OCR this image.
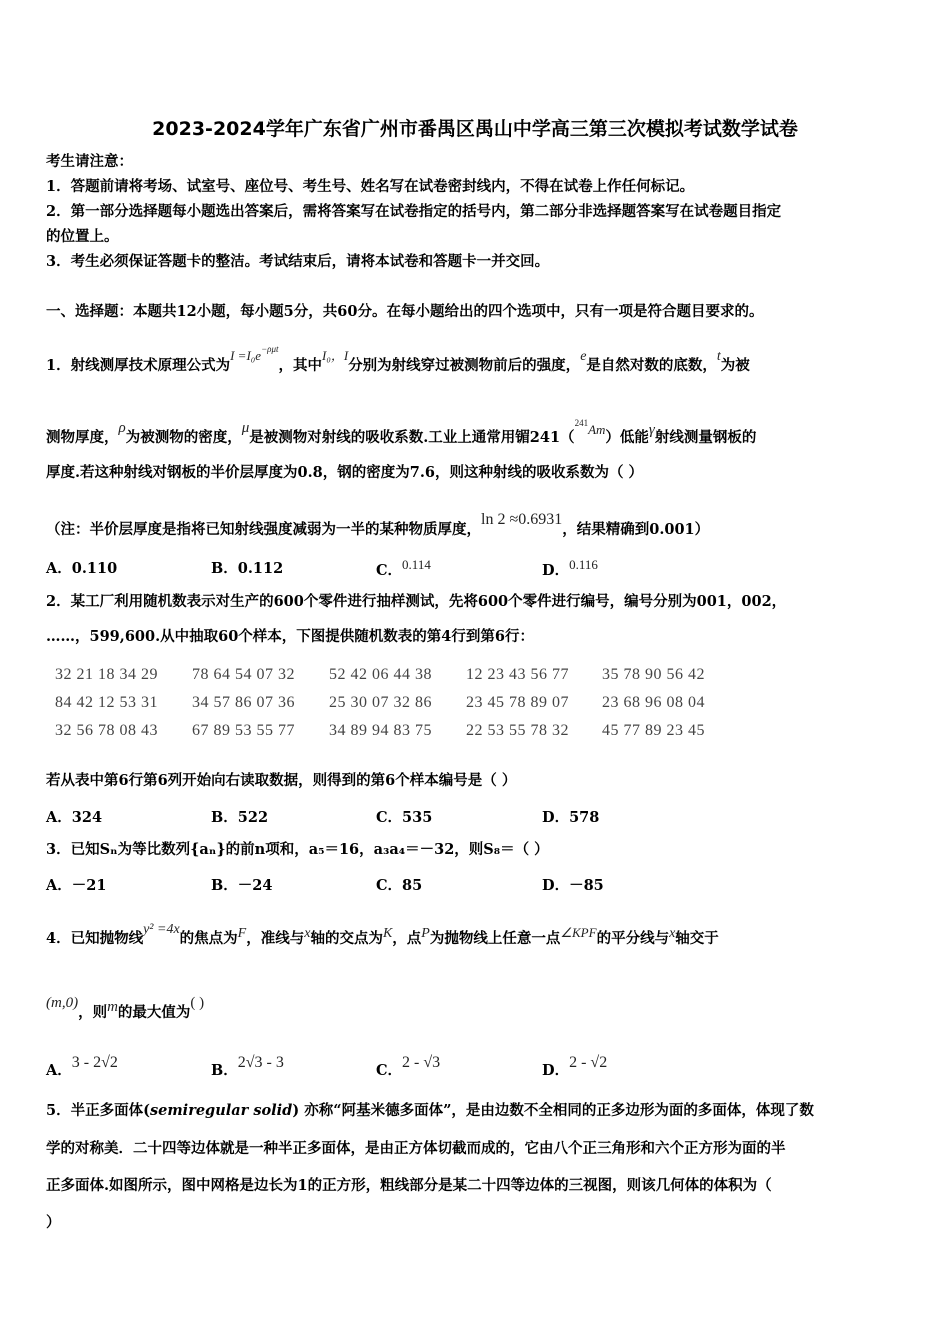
2023-2024学年广东省广州市番禺区禺山中学高三第三次模拟考试数学试卷
考生请注意：
1．答题前请将考场、试室号、座位号、考生号、姓名写在试卷密封线内，不得在试卷上作任何标记。
2．第一部分选择题每小题选出答案后，需将答案写在试卷指定的括号内，第二部分非选择题答案写在试卷题目指定
的位置上。
3．考生必须保证答题卡的整洁。考试结束后，请将本试卷和答题卡一并交回。
一、选择题：本题共12小题，每小题5分，共60分。在每小题给出的四个选项中，只有一项是符合题目要求的。
1．射线测厚技术原理公式为$I =I_0e^{-\rho\mu t}$，其中I₀，I分别为射线穿过被测物前后的强度，e是自然对数的底数，t为被
测物厚度，ρ为被测物的密度，μ是被测物对射线的吸收系数.工业上通常用镅241（$^{241}$Am）低能γ射线测量钢板的
厚度.若这种射线对钢板的半价层厚度为0.8，钢的密度为7.6，则这种射线的吸收系数为（ ）
（注：半价层厚度是指将已知射线强度减弱为一半的某种物质厚度，ln 2 ≈0.6931，结果精确到0.001）
A．0.110	B．0.112	C．0.114	D．0.116
2．某工厂利用随机数表示对生产的600个零件进行抽样测试，先将600个零件进行编号，编号分别为001，002，
……，599,600.从中抽取60个样本，下图提供随机数表的第4行到第6行：
32 21 18 34 29 78 64 54 07 32 52 42 06 44 38 12 23 43 56 77 35 78 90 56 42
84 42 12 53 31 34 57 86 07 36 25 30 07 32 86 23 45 78 89 07 23 68 96 08 04
32 56 78 08 43 67 89 53 55 77 34 89 94 83 75 22 53 55 78 32 45 77 89 23 45
若从表中第6行第6列开始向右读取数据，则得到的第6个样本编号是（ ）
A．324	B．522	C．535	D．578
3．已知Sₙ为等比数列{aₙ}的前n项和，a₅＝16，a₃a₄＝－32，则S₈＝（ ）
A．－21	B．－24	C．85	D．－85
4．已知抛物线y² =4x的焦点为F，准线与x轴的交点为K，点P为抛物线上任意一点∠KPF的平分线与x轴交于
(m,0)，则m的最大值为( )
A．3 - 2√2	B．2√3 - 3	C．2 - √3	D．2 - √2
5．半正多面体(semiregular solid) 亦称“阿基米德多面体”，是由边数不全相同的正多边形为面的多面体，体现了数
学的对称美．二十四等边体就是一种半正多面体，是由正方体切截而成的，它由八个正三角形和六个正方形为面的半
正多面体.如图所示，图中网格是边长为1的正方形，粗线部分是某二十四等边体的三视图，则该几何体的体积为（
）
